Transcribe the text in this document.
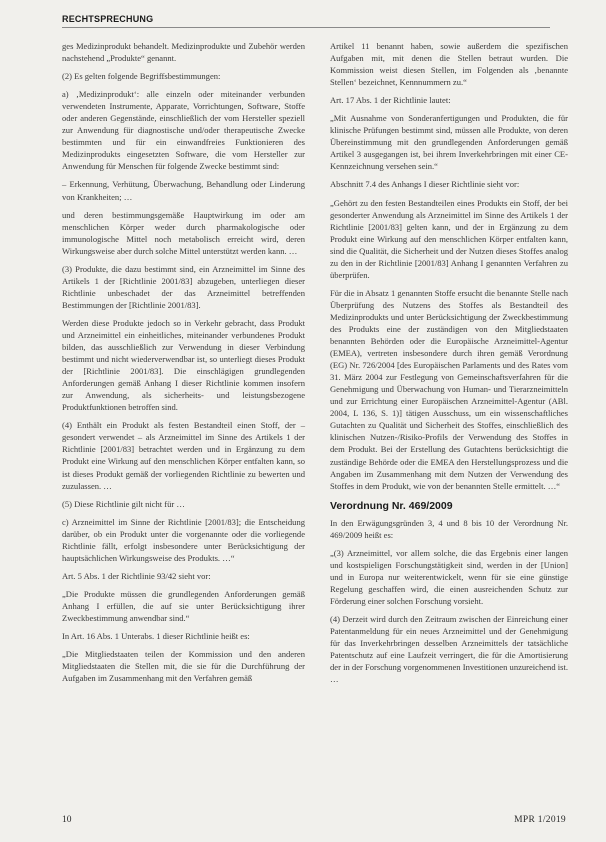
RECHTSPRECHUNG

ges Medizinprodukt behandelt. Medizinprodukte und Zubehör werden nachstehend „Produkte“ genannt.

(2) Es gelten folgende Begriffsbestimmungen:

a) ‚Medizinprodukt‘: alle einzeln oder miteinander verbunden verwendeten Instrumente, Apparate, Vorrichtungen, Software, Stoffe oder anderen Gegenstände, einschließlich der vom Hersteller speziell zur Anwendung für diagnostische und/oder therapeutische Zwecke bestimmten und für ein einwandfreies Funktionieren des Medizinprodukts eingesetzten Software, die vom Hersteller zur Anwendung für Menschen für folgende Zwecke bestimmt sind:

– Erkennung, Verhütung, Überwachung, Behandlung oder Linderung von Krankheiten; …

und deren bestimmungsgemäße Hauptwirkung im oder am menschlichen Körper weder durch pharmakologische oder immunologische Mittel noch metabolisch erreicht wird, deren Wirkungsweise aber durch solche Mittel unterstützt werden kann. …

(3) Produkte, die dazu bestimmt sind, ein Arzneimittel im Sinne des Artikels 1 der [Richtlinie 2001/83] abzugeben, unterliegen dieser Richtlinie unbeschadet der das Arzneimittel betreffenden Bestimmungen der [Richtlinie 2001/83].

Werden diese Produkte jedoch so in Verkehr gebracht, dass Produkt und Arzneimittel ein einheitliches, miteinander verbundenes Produkt bilden, das ausschließlich zur Verwendung in dieser Verbindung bestimmt und nicht wiederverwendbar ist, so unterliegt dieses Produkt der [Richtlinie 2001/83]. Die einschlägigen grundlegenden Anforderungen gemäß Anhang I dieser Richtlinie kommen insofern zur Anwendung, als sicherheits- und leistungsbezogene Produktfunktionen betroffen sind.

(4) Enthält ein Produkt als festen Bestandteil einen Stoff, der – gesondert verwendet – als Arzneimittel im Sinne des Artikels 1 der Richtlinie [2001/83] betrachtet werden und in Ergänzung zu dem Produkt eine Wirkung auf den menschlichen Körper entfalten kann, so ist dieses Produkt gemäß der vorliegenden Richtlinie zu bewerten und zuzulassen. …

(5) Diese Richtlinie gilt nicht für …

c) Arzneimittel im Sinne der Richtlinie [2001/83]; die Entscheidung darüber, ob ein Produkt unter die vorgenannte oder die vorliegende Richtlinie fällt, erfolgt insbesondere unter Berücksichtigung der hauptsächlichen Wirkungsweise des Produkts. …“

Art. 5 Abs. 1 der Richtlinie 93/42 sieht vor:

„Die Produkte müssen die grundlegenden Anforderungen gemäß Anhang I erfüllen, die auf sie unter Berücksichtigung ihrer Zweckbestimmung anwendbar sind.“

In Art. 16 Abs. 1 Unterabs. 1 dieser Richtlinie heißt es:

„Die Mitgliedstaaten teilen der Kommission und den anderen Mitgliedstaaten die Stellen mit, die sie für die Durchführung der Aufgaben im Zusammenhang mit den Verfahren gemäß

Artikel 11 benannt haben, sowie außerdem die spezifischen Aufgaben mit, mit denen die Stellen betraut wurden. Die Kommission weist diesen Stellen, im Folgenden als ‚benannte Stellen‘ bezeichnet, Kennnummern zu.“

Art. 17 Abs. 1 der Richtlinie lautet:

„Mit Ausnahme von Sonderanfertigungen und Produkten, die für klinische Prüfungen bestimmt sind, müssen alle Produkte, von deren Übereinstimmung mit den grundlegenden Anforderungen gemäß Artikel 3 ausgegangen ist, bei ihrem Inverkehrbringen mit einer CE-Kennzeichnung versehen sein.“

Abschnitt 7.4 des Anhangs I dieser Richtlinie sieht vor:

„Gehört zu den festen Bestandteilen eines Produkts ein Stoff, der bei gesonderter Anwendung als Arzneimittel im Sinne des Artikels 1 der Richtlinie [2001/83] gelten kann, und der in Ergänzung zu dem Produkt eine Wirkung auf den menschlichen Körper entfalten kann, sind die Qualität, die Sicherheit und der Nutzen dieses Stoffes analog zu den in der Richtlinie [2001/83] Anhang I genannten Verfahren zu überprüfen.

Für die in Absatz 1 genannten Stoffe ersucht die benannte Stelle nach Überprüfung des Nutzens des Stoffes als Bestandteil des Medizinprodukts und unter Berücksichtigung der Zweckbestimmung des Produkts eine der zuständigen von den Mitgliedstaaten benannten Behörden oder die Europäische Arzneimittel-Agentur (EMEA), vertreten insbesondere durch ihren gemäß Verordnung (EG) Nr. 726/2004 [des Europäischen Parlaments und des Rates vom 31. März 2004 zur Festlegung von Gemeinschaftsverfahren für die Genehmigung und Überwachung von Human- und Tierarzneimitteln und zur Errichtung einer Europäischen Arzneimittel-Agentur (ABl. 2004, L 136, S. 1)] tätigen Ausschuss, um ein wissenschaftliches Gutachten zu Qualität und Sicherheit des Stoffes, einschließlich des klinischen Nutzen-/Risiko-Profils der Verwendung des Stoffes in dem Produkt. Bei der Erstellung des Gutachtens berücksichtigt die zuständige Behörde oder die EMEA den Herstellungsprozess und die Angaben im Zusammenhang mit dem Nutzen der Verwendung des Stoffes in dem Produkt, wie von der benannten Stelle ermittelt. …“

Verordnung Nr. 469/2009

In den Erwägungsgründen 3, 4 und 8 bis 10 der Verordnung Nr. 469/2009 heißt es:

„(3) Arzneimittel, vor allem solche, die das Ergebnis einer langen und kostspieligen Forschungstätigkeit sind, werden in der [Union] und in Europa nur weiterentwickelt, wenn für sie eine günstige Regelung geschaffen wird, die einen ausreichenden Schutz zur Förderung einer solchen Forschung vorsieht.

(4) Derzeit wird durch den Zeitraum zwischen der Einreichung einer Patentanmeldung für ein neues Arzneimittel und der Genehmigung für das Inverkehrbringen desselben Arzneimittels der tatsächliche Patentschutz auf eine Laufzeit verringert, die für die Amortisierung der in der Forschung vorgenommenen Investitionen unzureichend ist. …

10	MPR 1/2019
